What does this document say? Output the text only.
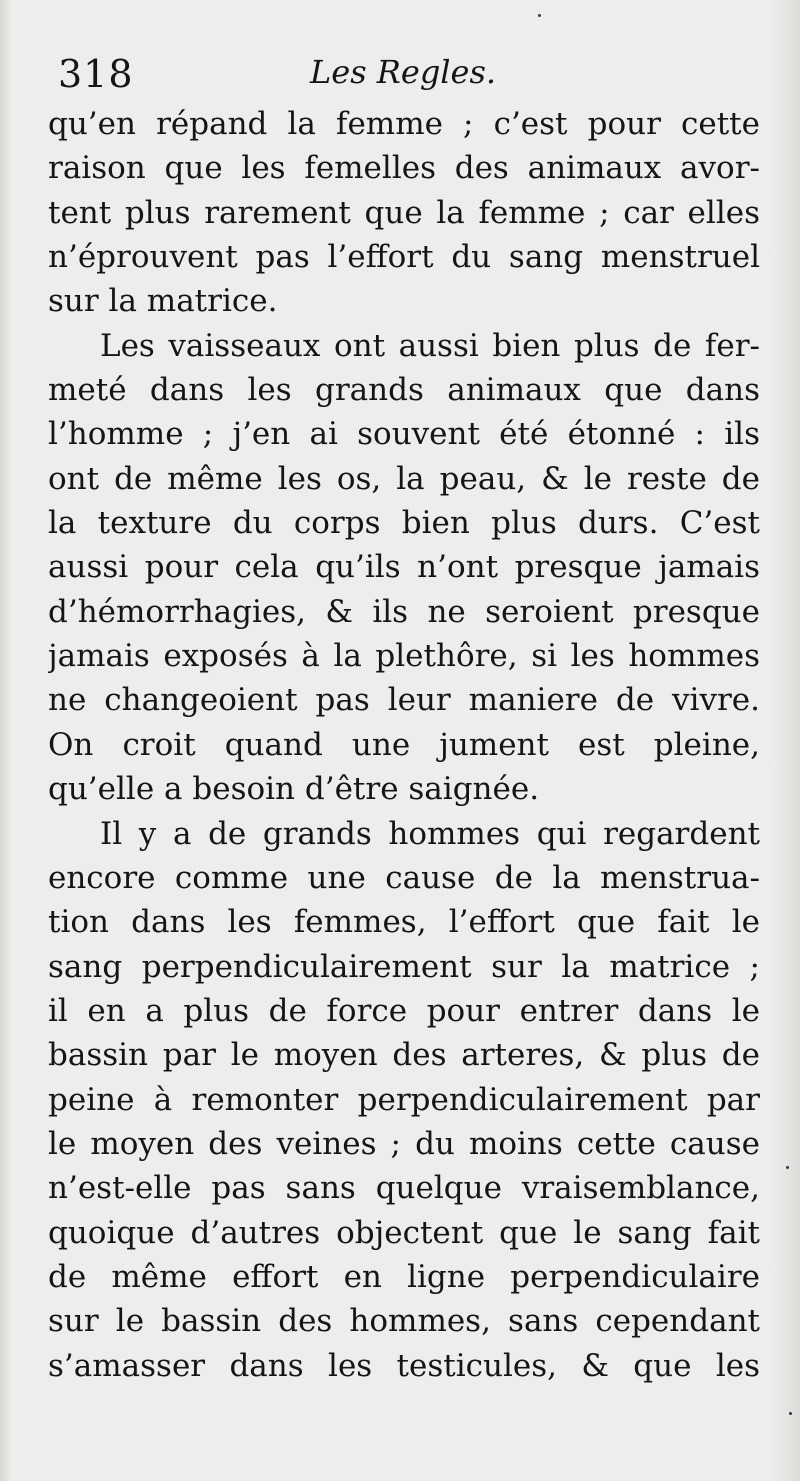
318	Les Regles.
qu’en répand la femme ; c’est pour cette
raison que les femelles des animaux avor-
tent plus rarement que la femme ; car elles
n’éprouvent pas l’effort du sang menstruel
sur la matrice.
Les vaisseaux ont aussi bien plus de fer-
meté dans les grands animaux que dans
l’homme ; j’en ai souvent été étonné : ils
ont de même les os, la peau, & le reste de
la texture du corps bien plus durs. C’est
aussi pour cela qu’ils n’ont presque jamais
d’hémorrhagies, & ils ne seroient presque
jamais exposés à la plethôre, si les hommes
ne changeoient pas leur maniere de vivre.
On croit quand une jument est pleine,
qu’elle a besoin d’être saignée.
Il y a de grands hommes qui regardent
encore comme une cause de la menstrua-
tion dans les femmes, l’effort que fait le
sang perpendiculairement sur la matrice ;
il en a plus de force pour entrer dans le
bassin par le moyen des arteres, & plus de
peine à remonter perpendiculairement par
le moyen des veines ; du moins cette cause
n’est-elle pas sans quelque vraisemblance,
quoique d’autres objectent que le sang fait
de même effort en ligne perpendiculaire
sur le bassin des hommes, sans cependant
s’amasser dans les testicules, & que les
